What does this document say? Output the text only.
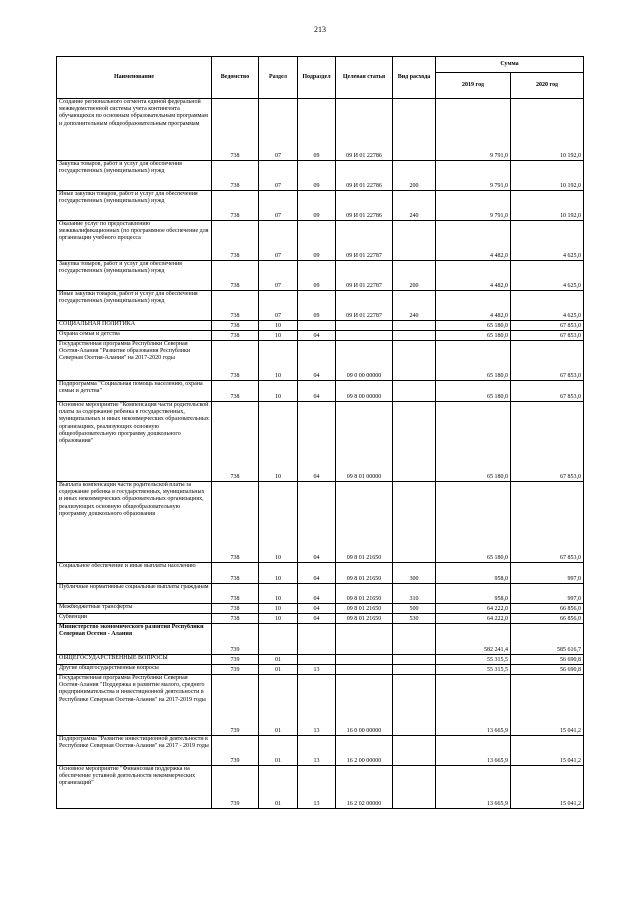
213
Наименование	Ведомство	Раздел	Подраздел	Целевая статья	Вид расхода	Сумма	
						2019 год	2020 год
Создание регионального сегмента единой федеральной межведомственной системы учета контингента обучающихся по основным образовательным программам и дополнительным общеобразовательным программам	738	07	09	09 И 01 22786		9 791,0	10 192,0
Закупка товаров, работ и услуг для обеспечения государственных (муниципальных) нужд	738	07	09	09 И 01 22786	200	9 791,0	10 192,0
Иные закупки товаров, работ и услуг для обеспечения государственных (муниципальных) нужд	738	07	09	09 И 01 22786	240	9 791,0	10 192,0
Оказание услуг по предоставлению межквалификационных (по программное обеспечение для организации учебного процесса	738	07	09	09 И 01 22787		4 482,0	4 625,0
Закупка товаров, работ и услуг для обеспечения государственных (муниципальных) нужд	738	07	09	09 И 01 22787	200	4 482,0	4 625,0
Иные закупки товаров, работ и услуг для обеспечения государственных (муниципальных) нужд	738	07	09	09 И 01 22787	240	4 482,0	4 625,0
СОЦИАЛЬНАЯ ПОЛИТИКА	738	10				65 180,0	67 853,0
Охрана семьи и детства	738	10	04			65 180,0	67 853,0
Государственная программа Республики Северная Осетия-Алания "Развитие образования Республики Северная Осетия-Алания" на 2017-2020 годы	738	10	04	09 0 00 00000		65 180,0	67 853,0
Подпрограмма "Социальная помощь населению, охрана семьи и детства"	738	10	04	09 8 00 00000		65 180,0	67 853,0
Основное мероприятие "Компенсация части родительской платы за содержание ребенка в государственных, муниципальных и иных некоммерческих образовательных организациях, реализующих основную общеобразовательную программу дошкольного образования"	738	10	04	09 8 01 00000		65 180,0	67 853,0
Выплата компенсации части родительской платы за содержание ребенка в государственных, муниципальных и иных некоммерческих образовательных организациях, реализующих основную общеобразовательную программу дошкольного образования	738	10	04	09 8 01 21650		65 180,0	67 853,0
Социальное обеспечение и иные выплаты населению	738	10	04	09 8 01 21650	300	958,0	997,0
Публичные нормативные социальные выплаты гражданам	738	10	04	09 8 01 21650	310	958,0	997,0
Межбюджетные трансферты	738	10	04	09 8 01 21650	500	64 222,0	66 856,0
Субвенции	738	10	04	09 8 01 21650	530	64 222,0	66 856,0
Министерство экономического развития Республики Северная Осетия - Алания	739					582 241,4	585 616,7
ОБЩЕГОСУДАРСТВЕННЫЕ ВОПРОСЫ	739	01				55 315,5	56 690,8
Другие общегосударственные вопросы	739	01	13			55 315,5	56 690,8
Государственная программа Республики Северная Осетия-Алания "Поддержка и развитие малого, среднего предпринимательства и инвестиционной деятельности в Республике Северная Осетия-Алания" на 2017-2019 годы	739	01	13	16 0 00 00000		13 665,9	15 041,2
Подпрограмма "Развитие инвестиционной деятельности в Республике Северная Осетия-Алания" на 2017 - 2019 годы	739	01	13	16 2 00 00000		13 665,9	15 041,2
Основное мероприятие "Финансовая поддержка на обеспечение уставной деятельности некоммерческих организаций"	739	01	13	16 2 02 00000		13 665,9	15 041,2
